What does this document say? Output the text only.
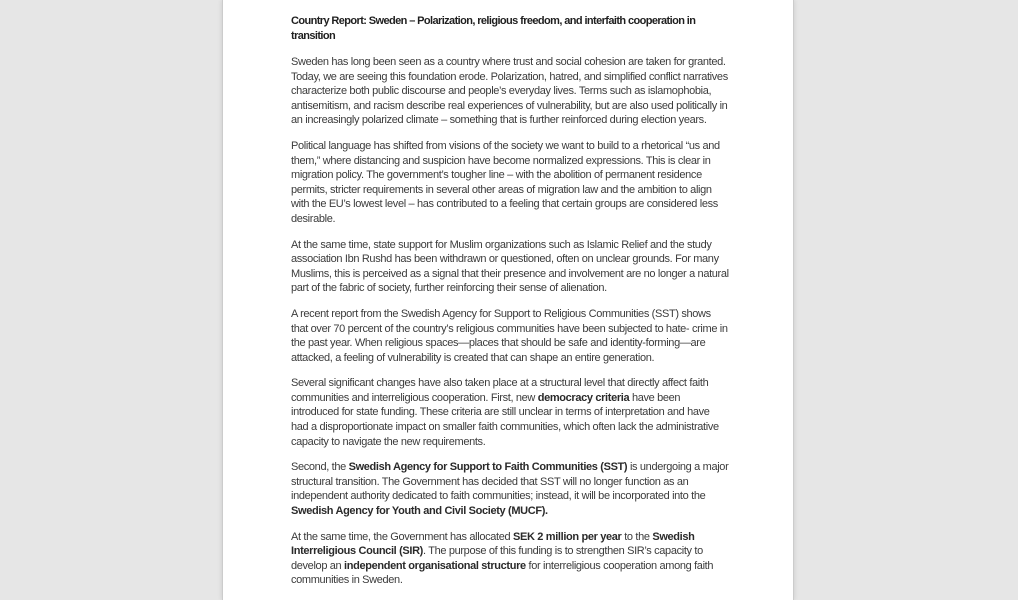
Country Report: Sweden – Polarization, religious freedom, and interfaith cooperation in transition

Sweden has long been seen as a country where trust and social cohesion are taken for granted. Today, we are seeing this foundation erode. Polarization, hatred, and simplified conflict narratives characterize both public discourse and people’s everyday lives. Terms such as islamophobia, antisemitism, and racism describe real experiences of vulnerability, but are also used politically in an increasingly polarized climate – something that is further reinforced during election years.

Political language has shifted from visions of the society we want to build to a rhetorical “us and them,” where distancing and suspicion have become normalized expressions. This is clear in migration policy. The government’s tougher line – with the abolition of permanent residence permits, stricter requirements in several other areas of migration law and the ambition to align with the EU’s lowest level – has contributed to a feeling that certain groups are considered less desirable.

At the same time, state support for Muslim organizations such as Islamic Relief and the study association Ibn Rushd has been withdrawn or questioned, often on unclear grounds. For many Muslims, this is perceived as a signal that their presence and involvement are no longer a natural part of the fabric of society, further reinforcing their sense of alienation.

A recent report from the Swedish Agency for Support to Religious Communities (SST) shows that over 70 percent of the country’s religious communities have been subjected to hate- crime in the past year. When religious spaces—places that should be safe and identity-forming—are attacked, a feeling of vulnerability is created that can shape an entire generation.

Several significant changes have also taken place at a structural level that directly affect faith communities and interreligious cooperation. First, new democracy criteria have been introduced for state funding. These criteria are still unclear in terms of interpretation and have had a disproportionate impact on smaller faith communities, which often lack the administrative capacity to navigate the new requirements.

Second, the Swedish Agency for Support to Faith Communities (SST) is undergoing a major structural transition. The Government has decided that SST will no longer function as an independent authority dedicated to faith communities; instead, it will be incorporated into the Swedish Agency for Youth and Civil Society (MUCF).

At the same time, the Government has allocated SEK 2 million per year to the Swedish Interreligious Council (SIR). The purpose of this funding is to strengthen SIR’s capacity to develop an independent organisational structure for interreligious cooperation among faith communities in Sweden.
